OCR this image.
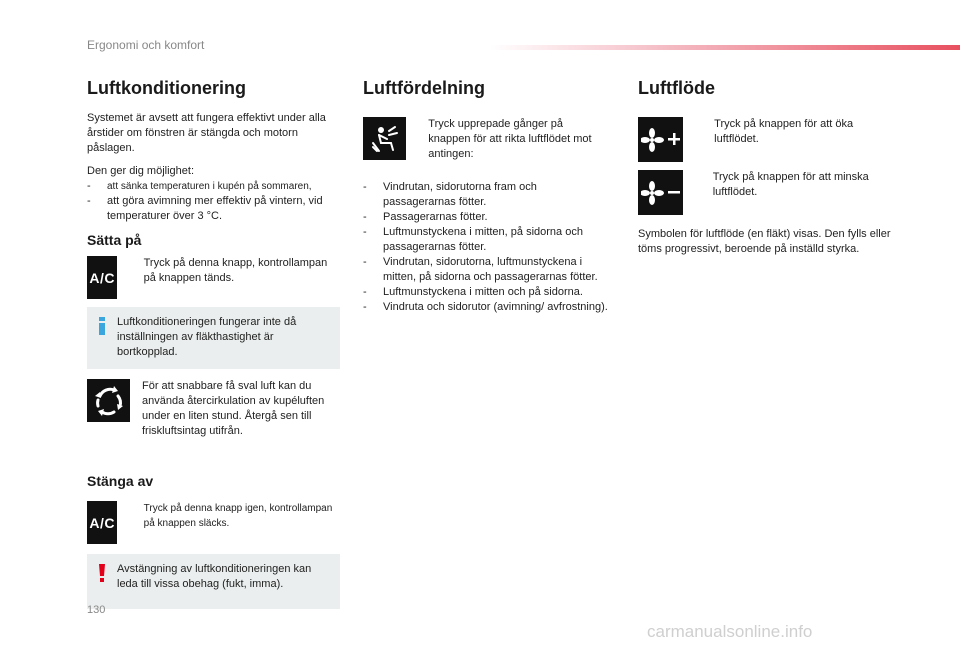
Ergonomi och komfort
Luftkonditionering

Systemet är avsett att fungera effektivt under alla årstider om fönstren är stängda och motorn påslagen.

Den ger dig möjlighet:

-	att sänka temperaturen i kupén på sommaren,
-	att göra avimning mer effektiv på vintern, vid temperaturer över 3 °C.
Sätta på
A/C
Tryck på denna knapp, kontrollampan på knappen tänds.

Luftkonditioneringen fungerar inte då inställningen av fläkthastighet är bortkopplad.

För att snabbare få sval luft kan du använda återcirkulation av kupéluften under en liten stund. Återgå sen till friskluftsintag utifrån.

Stänga av
A/C
Tryck på denna knapp igen, kontrollampan på knappen släcks.

Avstängning av luftkonditioneringen kan leda till vissa obehag (fukt, imma).

Luftfördelning
Tryck upprepade gånger på knappen för att rikta luftflödet mot antingen:
-	Vindrutan, sidorutorna fram och passagerarnas fötter.
-	Passagerarnas fötter.
-	Luftmunstyckena i mitten, på sidorna och passagerarnas fötter.
-	Vindrutan, sidorutorna, luftmunstyckena i mitten, på sidorna och passagerarnas fötter.
-	Luftmunstyckena i mitten och på sidorna.
-	Vindruta och sidorutor (avimning/ avfrostning).
Luftflöde
Tryck på knappen för att öka luftflödet.
Tryck på knappen för att minska luftflödet.

Symbolen för luftflöde (en fläkt) visas. Den fylls eller töms progressivt, beroende på inställd styrka.

130
carmanualsonline.info
